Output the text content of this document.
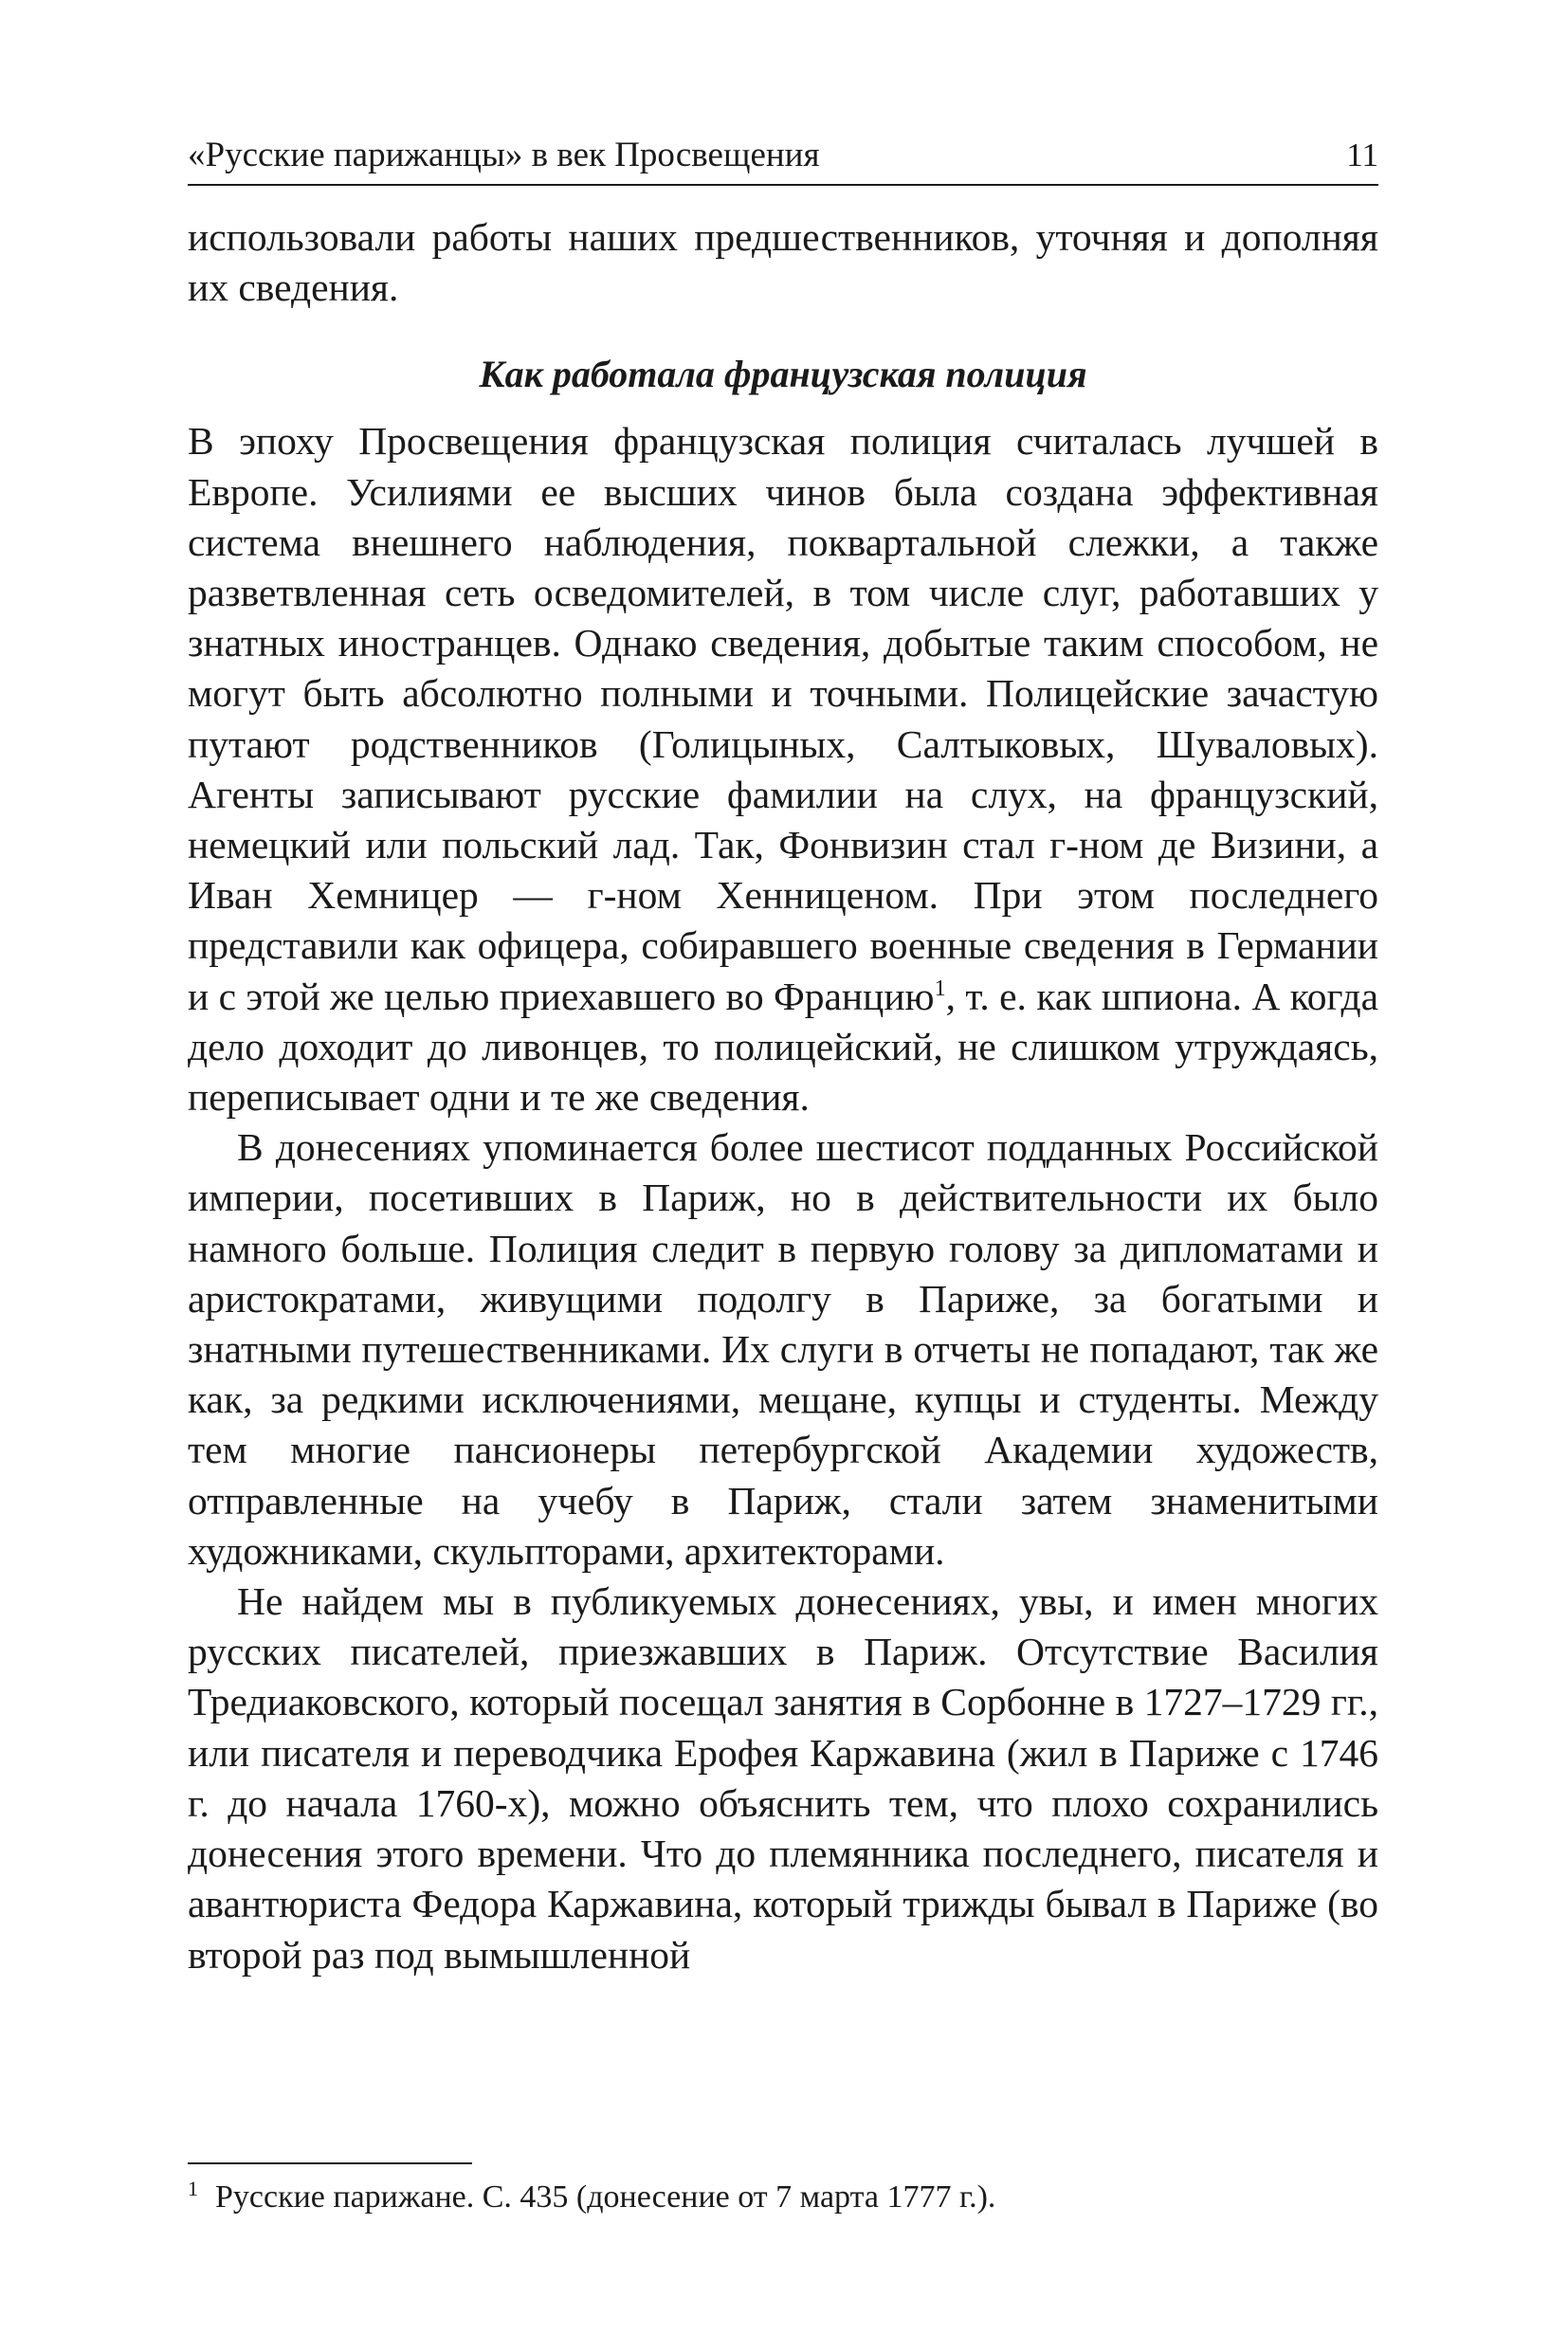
«Русские парижанцы» в век Просвещения	11

использовали работы наших предшественников, уточняя и дополняя их сведения.

Как работала французская полиция

В эпоху Просвещения французская полиция считалась лучшей в Европе. Усилиями ее высших чинов была создана эффективная система внешнего наблюдения, поквартальной слежки, а также разветвленная сеть осведомителей, в том числе слуг, работавших у знатных иностранцев. Однако сведения, добытые таким способом, не могут быть абсолютно полными и точными. Полицейские зачастую путают родственников (Голицыных, Салтыковых, Шуваловых). Агенты записывают русские фамилии на слух, на французский, немецкий или польский лад. Так, Фонвизин стал г-ном де Визини, а Иван Хемницер — г-ном Хенниценом. При этом последнего представили как офицера, собиравшего военные сведения в Германии и с этой же целью приехавшего во Францию$^1$, т. е. как шпиона. А когда дело доходит до ливонцев, то полицейский, не слишком утруждаясь, переписывает одни и те же сведения.

В донесениях упоминается более шестисот подданных Российской империи, посетивших в Париж, но в действительности их было намного больше. Полиция следит в первую голову за дипломатами и аристократами, живущими подолгу в Париже, за богатыми и знатными путешественниками. Их слуги в отчеты не попадают, так же как, за редкими исключениями, мещане, купцы и студенты. Между тем многие пансионеры петербургской Академии художеств, отправленные на учебу в Париж, стали затем знаменитыми художниками, скульпторами, архитекторами.

Не найдем мы в публикуемых донесениях, увы, и имен многих русских писателей, приезжавших в Париж. Отсутствие Василия Тредиаковского, который посещал занятия в Сорбонне в 1727–1729 гг., или писателя и переводчика Ерофея Каржавина (жил в Париже с 1746 г. до начала 1760-х), можно объяснить тем, что плохо сохранились донесения этого времени. Что до племянника последнего, писателя и авантюриста Федора Каржавина, который трижды бывал в Париже (во второй раз под вымышленной

$^1$ Русские парижане. С. 435 (донесение от 7 марта 1777 г.).
